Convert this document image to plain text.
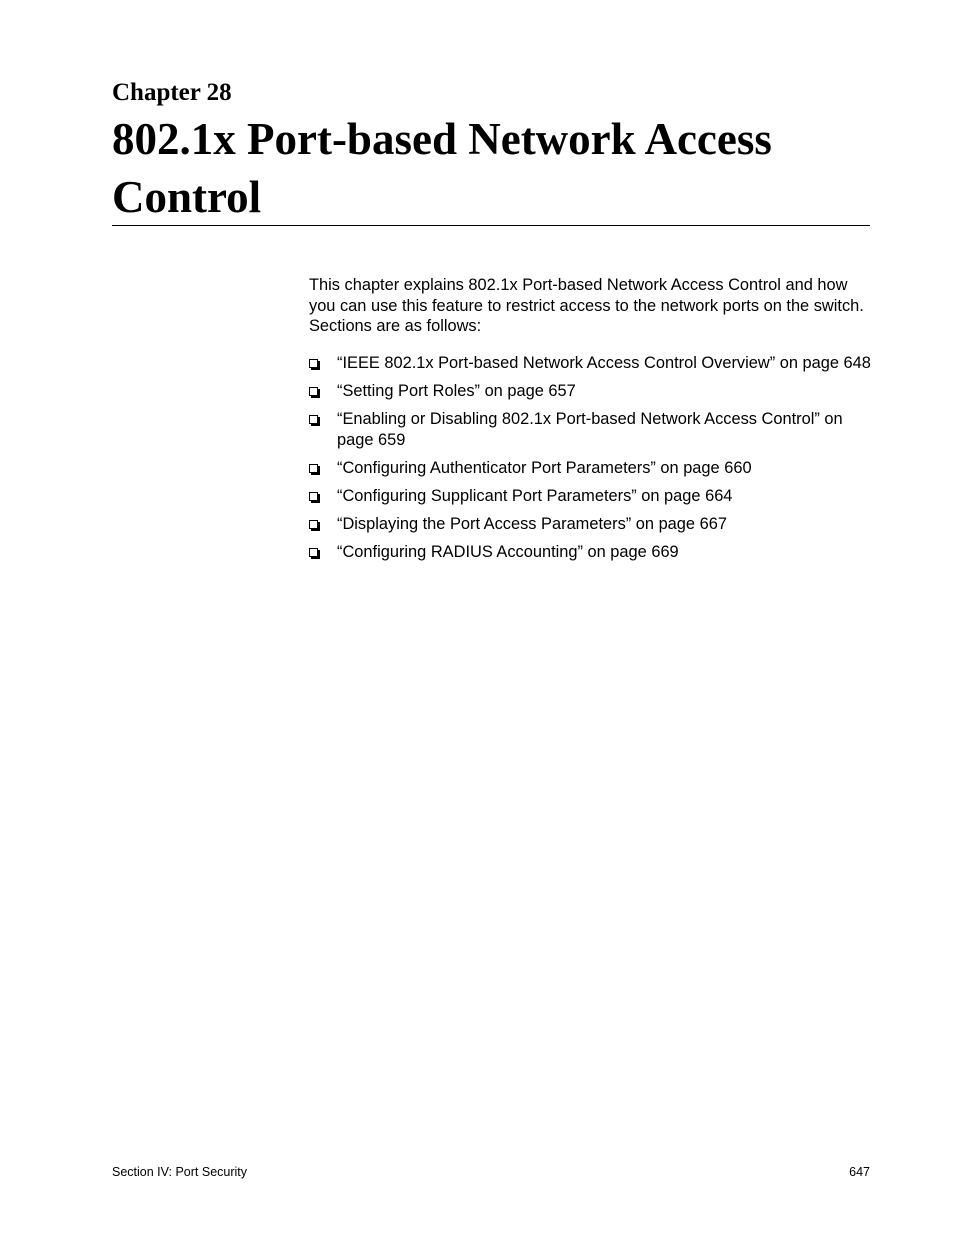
Chapter 28
802.1x Port-based Network Access Control

This chapter explains 802.1x Port-based Network Access Control and how you can use this feature to restrict access to the network ports on the switch. Sections are as follows:

“IEEE 802.1x Port-based Network Access Control Overview” on page 648
“Setting Port Roles” on page 657
“Enabling or Disabling 802.1x Port-based Network Access Control” on page 659
“Configuring Authenticator Port Parameters” on page 660
“Configuring Supplicant Port Parameters” on page 664
“Displaying the Port Access Parameters” on page 667
“Configuring RADIUS Accounting” on page 669
Section IV: Port Security	647
